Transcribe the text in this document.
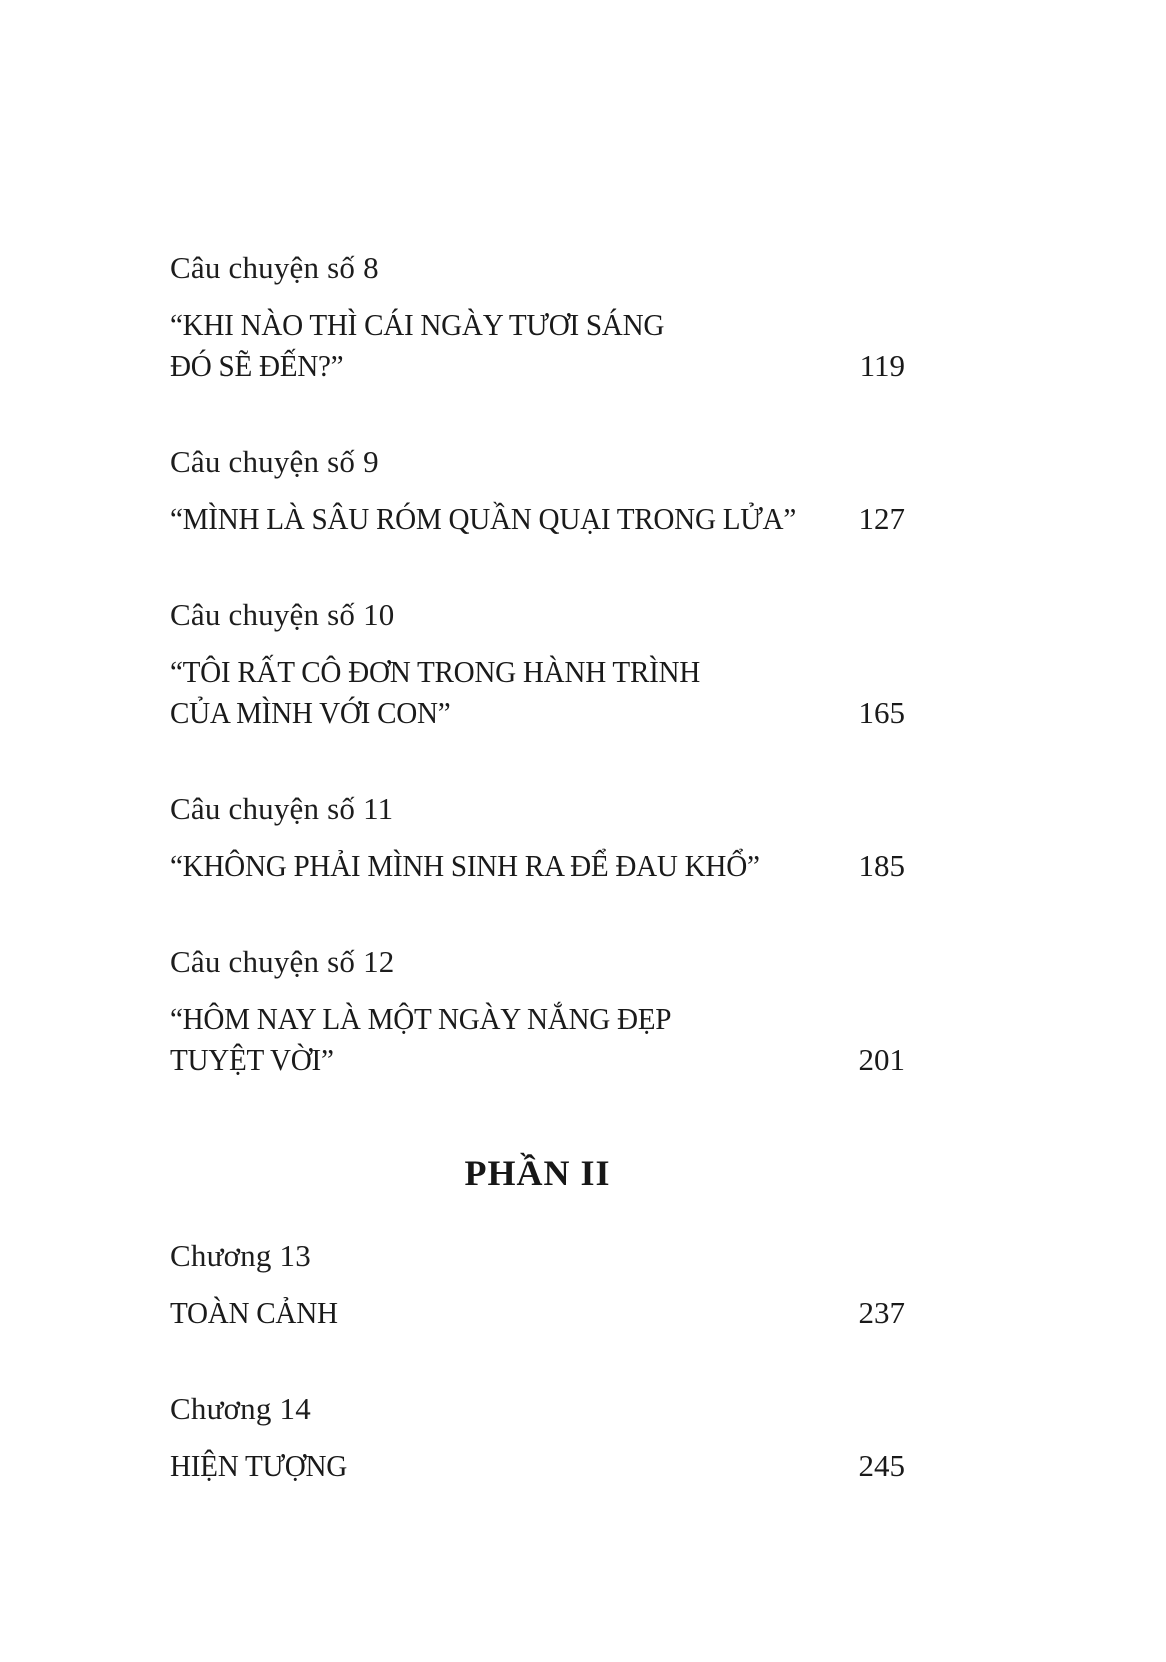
Câu chuyện số 8
“KHI NÀO THÌ CÁI NGÀY TƯƠI SÁNG
ĐÓ SẼ ĐẾN?”	119
Câu chuyện số 9
“MÌNH LÀ SÂU RÓM QUẦN QUẠI TRONG LỬA” 127
Câu chuyện số 10
“TÔI RẤT CÔ ĐƠN TRONG HÀNH TRÌNH
CỦA MÌNH VỚI CON”	165
Câu chuyện số 11
“KHÔNG PHẢI MÌNH SINH RA ĐỂ ĐAU KHỔ”	185
Câu chuyện số 12
“HÔM NAY LÀ MỘT NGÀY NẮNG ĐẸP
TUYỆT VỜI”	201
PHẦN II
Chương 13
TOÀN CẢNH	237
Chương 14
HIỆN TƯỢNG	245
